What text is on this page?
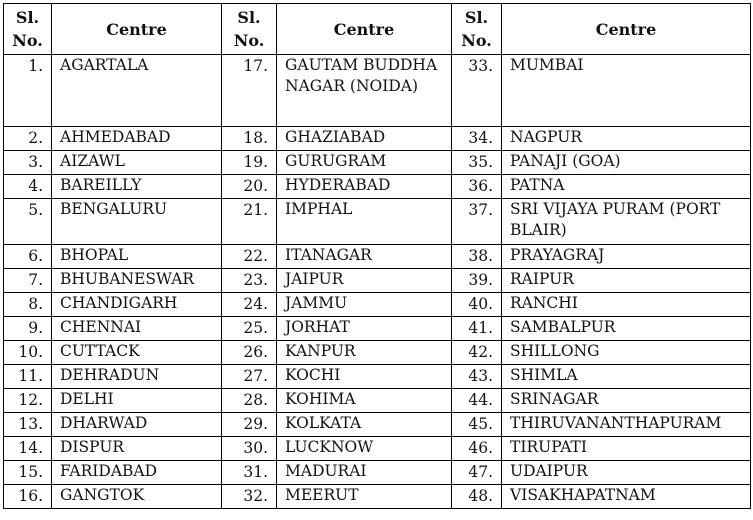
Sl. No.	Centre	Sl. No.	Centre	Sl. No.	Centre
1.	AGARTALA	17.	GAUTAM BUDDHA NAGAR (NOIDA)	33.	MUMBAI
2.	AHMEDABAD	18.	GHAZIABAD	34.	NAGPUR
3.	AIZAWL	19.	GURUGRAM	35.	PANAJI (GOA)
4.	BAREILLY	20.	HYDERABAD	36.	PATNA
5.	BENGALURU	21.	IMPHAL	37.	SRI VIJAYA PURAM (PORT BLAIR)
6.	BHOPAL	22.	ITANAGAR	38.	PRAYAGRAJ
7.	BHUBANESWAR	23.	JAIPUR	39.	RAIPUR
8.	CHANDIGARH	24.	JAMMU	40.	RANCHI
9.	CHENNAI	25.	JORHAT	41.	SAMBALPUR
10.	CUTTACK	26.	KANPUR	42.	SHILLONG
11.	DEHRADUN	27.	KOCHI	43.	SHIMLA
12.	DELHI	28.	KOHIMA	44.	SRINAGAR
13.	DHARWAD	29.	KOLKATA	45.	THIRUVANANTHAPURAM
14.	DISPUR	30.	LUCKNOW	46.	TIRUPATI
15.	FARIDABAD	31.	MADURAI	47.	UDAIPUR
16.	GANGTOK	32.	MEERUT	48.	VISAKHAPATNAM
